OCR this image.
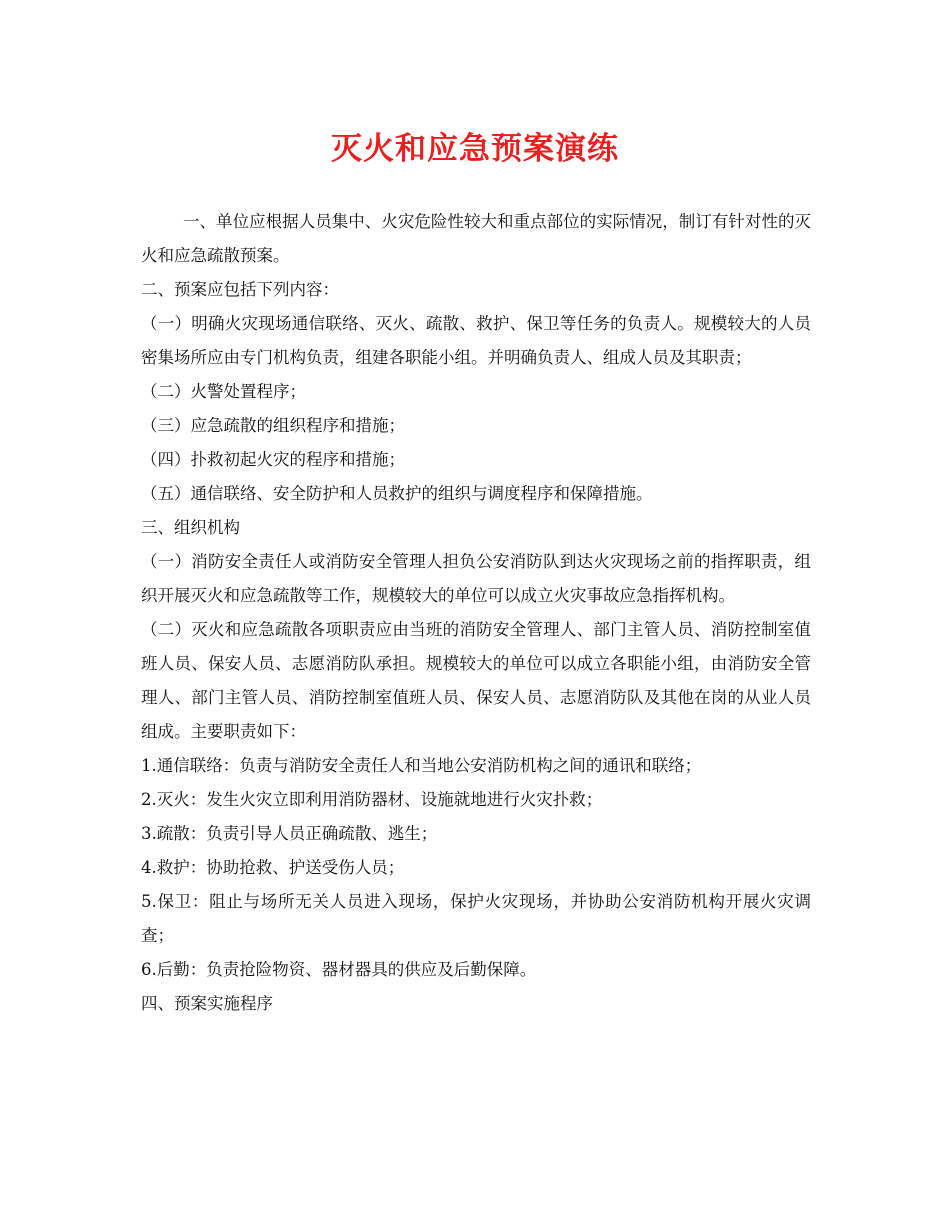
灭火和应急预案演练

一、单位应根据人员集中、火灾危险性较大和重点部位的实际情况，制订有针对性的灭火和应急疏散预案。

二、预案应包括下列内容：

（一）明确火灾现场通信联络、灭火、疏散、救护、保卫等任务的负责人。规模较大的人员密集场所应由专门机构负责，组建各职能小组。并明确负责人、组成人员及其职责；

（二）火警处置程序；

（三）应急疏散的组织程序和措施；

（四）扑救初起火灾的程序和措施；

（五）通信联络、安全防护和人员救护的组织与调度程序和保障措施。

三、组织机构

（一）消防安全责任人或消防安全管理人担负公安消防队到达火灾现场之前的指挥职责，组织开展灭火和应急疏散等工作，规模较大的单位可以成立火灾事故应急指挥机构。

（二）灭火和应急疏散各项职责应由当班的消防安全管理人、部门主管人员、消防控制室值班人员、保安人员、志愿消防队承担。规模较大的单位可以成立各职能小组，由消防安全管理人、部门主管人员、消防控制室值班人员、保安人员、志愿消防队及其他在岗的从业人员组成。主要职责如下：

1.通信联络：负责与消防安全责任人和当地公安消防机构之间的通讯和联络；

2.灭火：发生火灾立即利用消防器材、设施就地进行火灾扑救；

3.疏散：负责引导人员正确疏散、逃生；

4.救护：协助抢救、护送受伤人员；

5.保卫：阻止与场所无关人员进入现场，保护火灾现场，并协助公安消防机构开展火灾调查；

6.后勤：负责抢险物资、器材器具的供应及后勤保障。

四、预案实施程序
